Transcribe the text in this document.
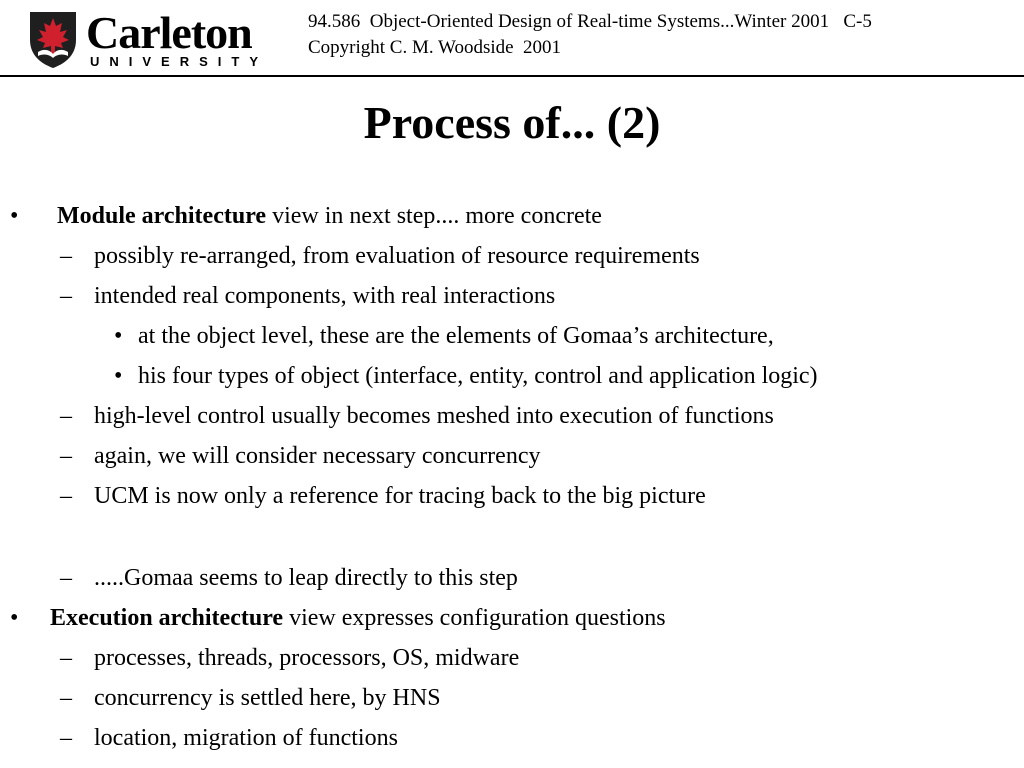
Carleton
UNIVERSITY
94.586  Object-Oriented Design of Real-time Systems...Winter 2001   C-5
Copyright C. M. Woodside  2001
Process of... (2)
• Module architecture view in next step.... more concrete
– possibly re-arranged, from evaluation of resource requirements
– intended real components, with real interactions
• at the object level, these are the elements of Gomaa’s architecture,
• his four types of object (interface, entity, control and application logic)
– high-level control usually becomes meshed into execution of functions
– again, we will consider necessary concurrency
– UCM is now only a reference for tracing back to the big picture
– .....Gomaa seems to leap directly to this step
• Execution architecture view expresses configuration questions
– processes, threads, processors, OS, midware
– concurrency is settled here, by HNS
– location, migration of functions
